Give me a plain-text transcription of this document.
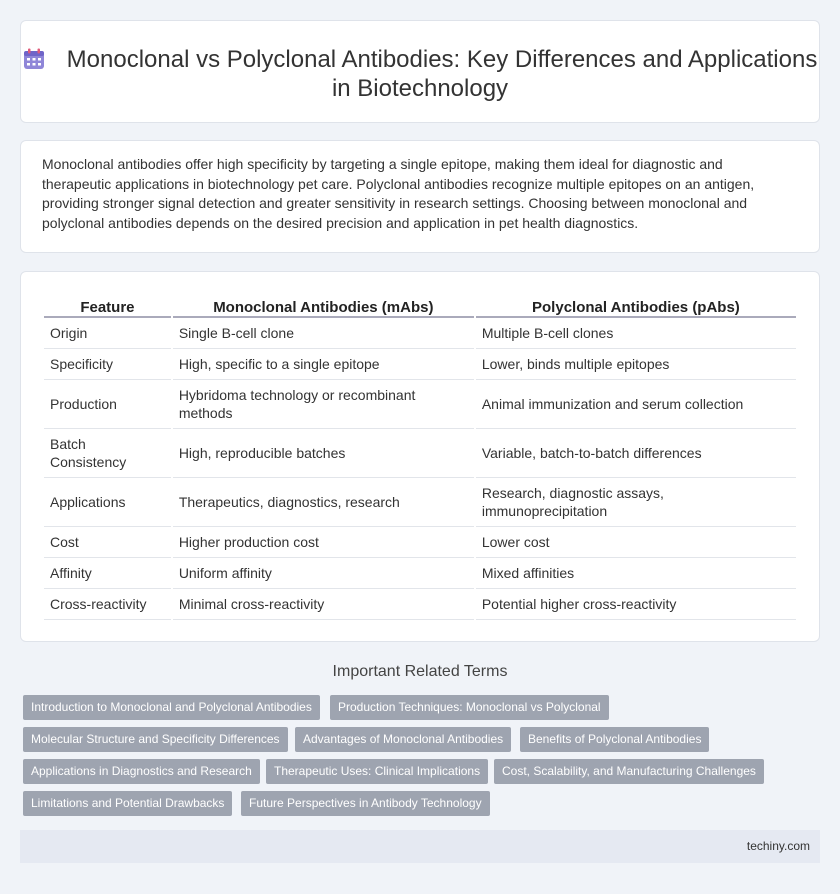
Monoclonal vs Polyclonal Antibodies: Key Differences and Applications in Biotechnology

Monoclonal antibodies offer high specificity by targeting a single epitope, making them ideal for diagnostic and therapeutic applications in biotechnology pet care. Polyclonal antibodies recognize multiple epitopes on an antigen, providing stronger signal detection and greater sensitivity in research settings. Choosing between monoclonal and polyclonal antibodies depends on the desired precision and application in pet health diagnostics.

Feature	Monoclonal Antibodies (mAbs)	Polyclonal Antibodies (pAbs)
Origin	Single B-cell clone	Multiple B-cell clones
Specificity	High, specific to a single epitope	Lower, binds multiple epitopes
Production	Hybridoma technology or recombinant methods	Animal immunization and serum collection
Batch Consistency	High, reproducible batches	Variable, batch-to-batch differences
Applications	Therapeutics, diagnostics, research	Research, diagnostic assays, immunoprecipitation
Cost	Higher production cost	Lower cost
Affinity	Uniform affinity	Mixed affinities
Cross-reactivity	Minimal cross-reactivity	Potential higher cross-reactivity
Important Related Terms
Introduction to Monoclonal and Polyclonal Antibodies	Production Techniques: Monoclonal vs Polyclonal
Molecular Structure and Specificity Differences	Advantages of Monoclonal Antibodies	Benefits of Polyclonal Antibodies
Applications in Diagnostics and Research	Therapeutic Uses: Clinical Implications	Cost, Scalability, and Manufacturing Challenges
Limitations and Potential Drawbacks	Future Perspectives in Antibody Technology
techiny.com
